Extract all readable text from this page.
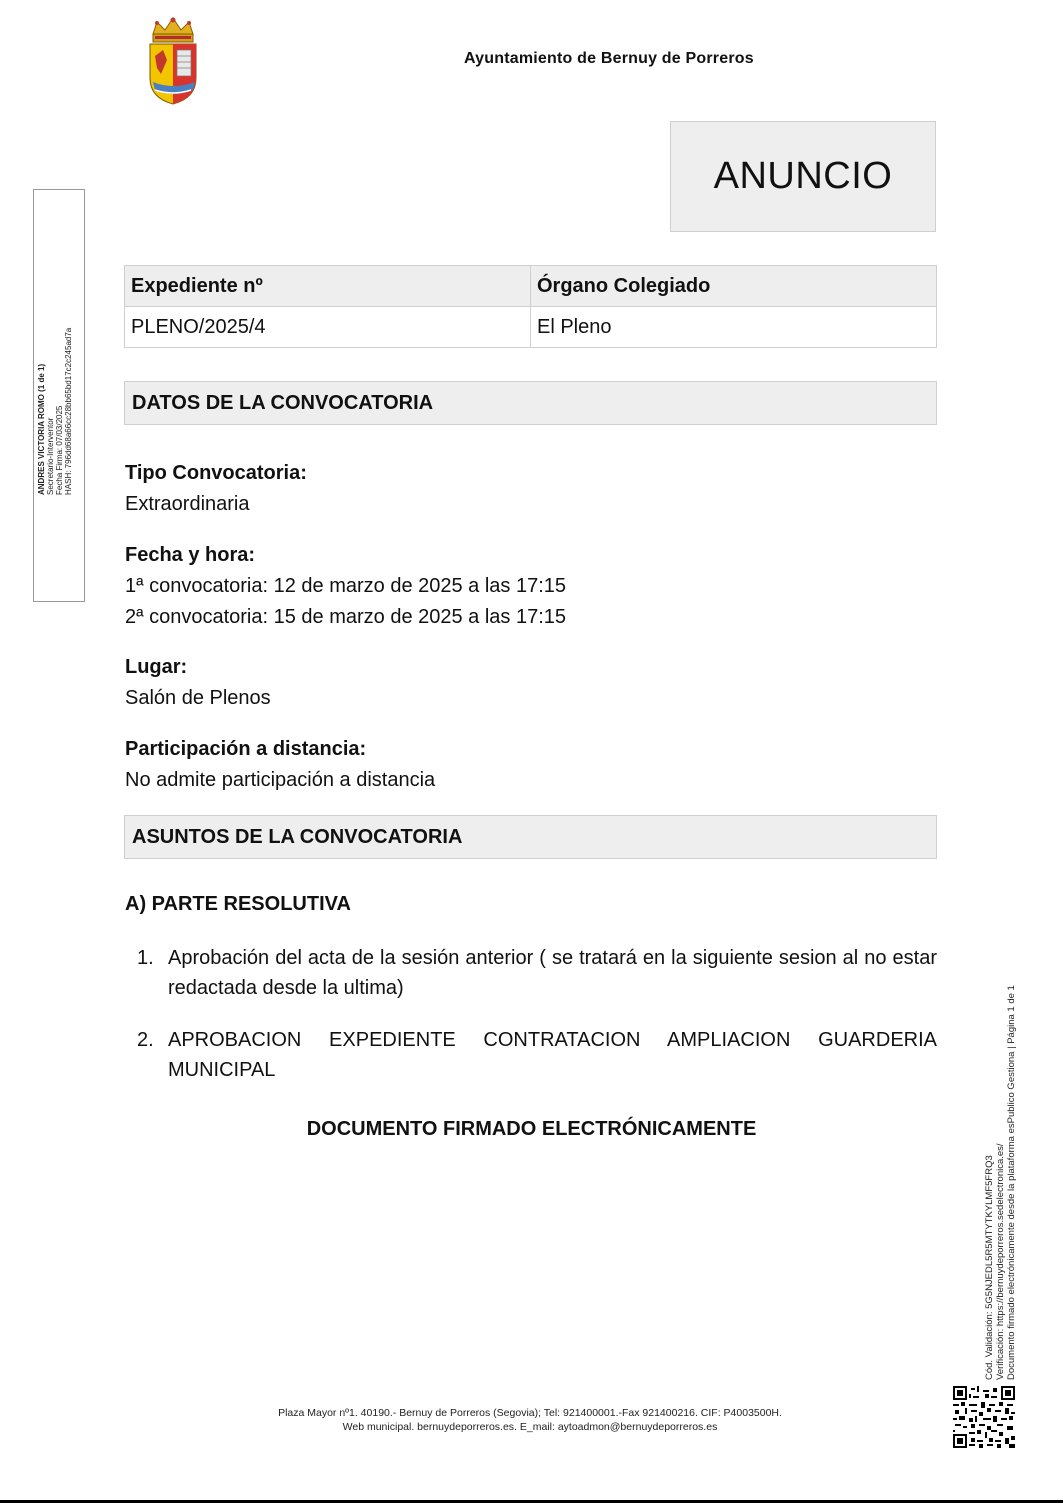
Ayuntamiento de Bernuy de Porreros
ANUNCIO
ANDRES VICTORIA ROMO (1 de 1) Secretario-Interventor Fecha Firma: 07/03/2025 HASH: 796dd68a66cc28bb65bd17c2c245ad7a
Cód. Validación: 5G5NJEDL5R5MTYTKYLMF5FRQ3 Verificación: https://bernuydeporreros.sedelectronica.es/ Documento firmado electrónicamente desde la plataforma esPublico Gestiona | Página 1 de 1
Expediente nº	Órgano Colegiado
PLENO/2025/4	El Pleno
DATOS DE LA CONVOCATORIA
Tipo Convocatoria:
Extraordinaria
Fecha y hora:
1ª convocatoria: 12 de marzo de 2025 a las 17:15
2ª convocatoria: 15 de marzo de 2025 a las 17:15
Lugar:
Salón de Plenos
Participación a distancia:
No admite participación a distancia
ASUNTOS DE LA CONVOCATORIA
A) PARTE RESOLUTIVA
1. Aprobación del acta de la sesión anterior ( se tratará en la siguiente sesion al no estar redactada desde la ultima)
2. APROBACION EXPEDIENTE CONTRATACION AMPLIACION GUARDERIA MUNICIPAL
DOCUMENTO FIRMADO ELECTRÓNICAMENTE
Plaza Mayor nº1. 40190.- Bernuy de Porreros (Segovia); Tel: 921400001.-Fax 921400216. CIF: P4003500H.
Web municipal. bernuydeporreros.es. E_mail: aytoadmon@bernuydeporreros.es
